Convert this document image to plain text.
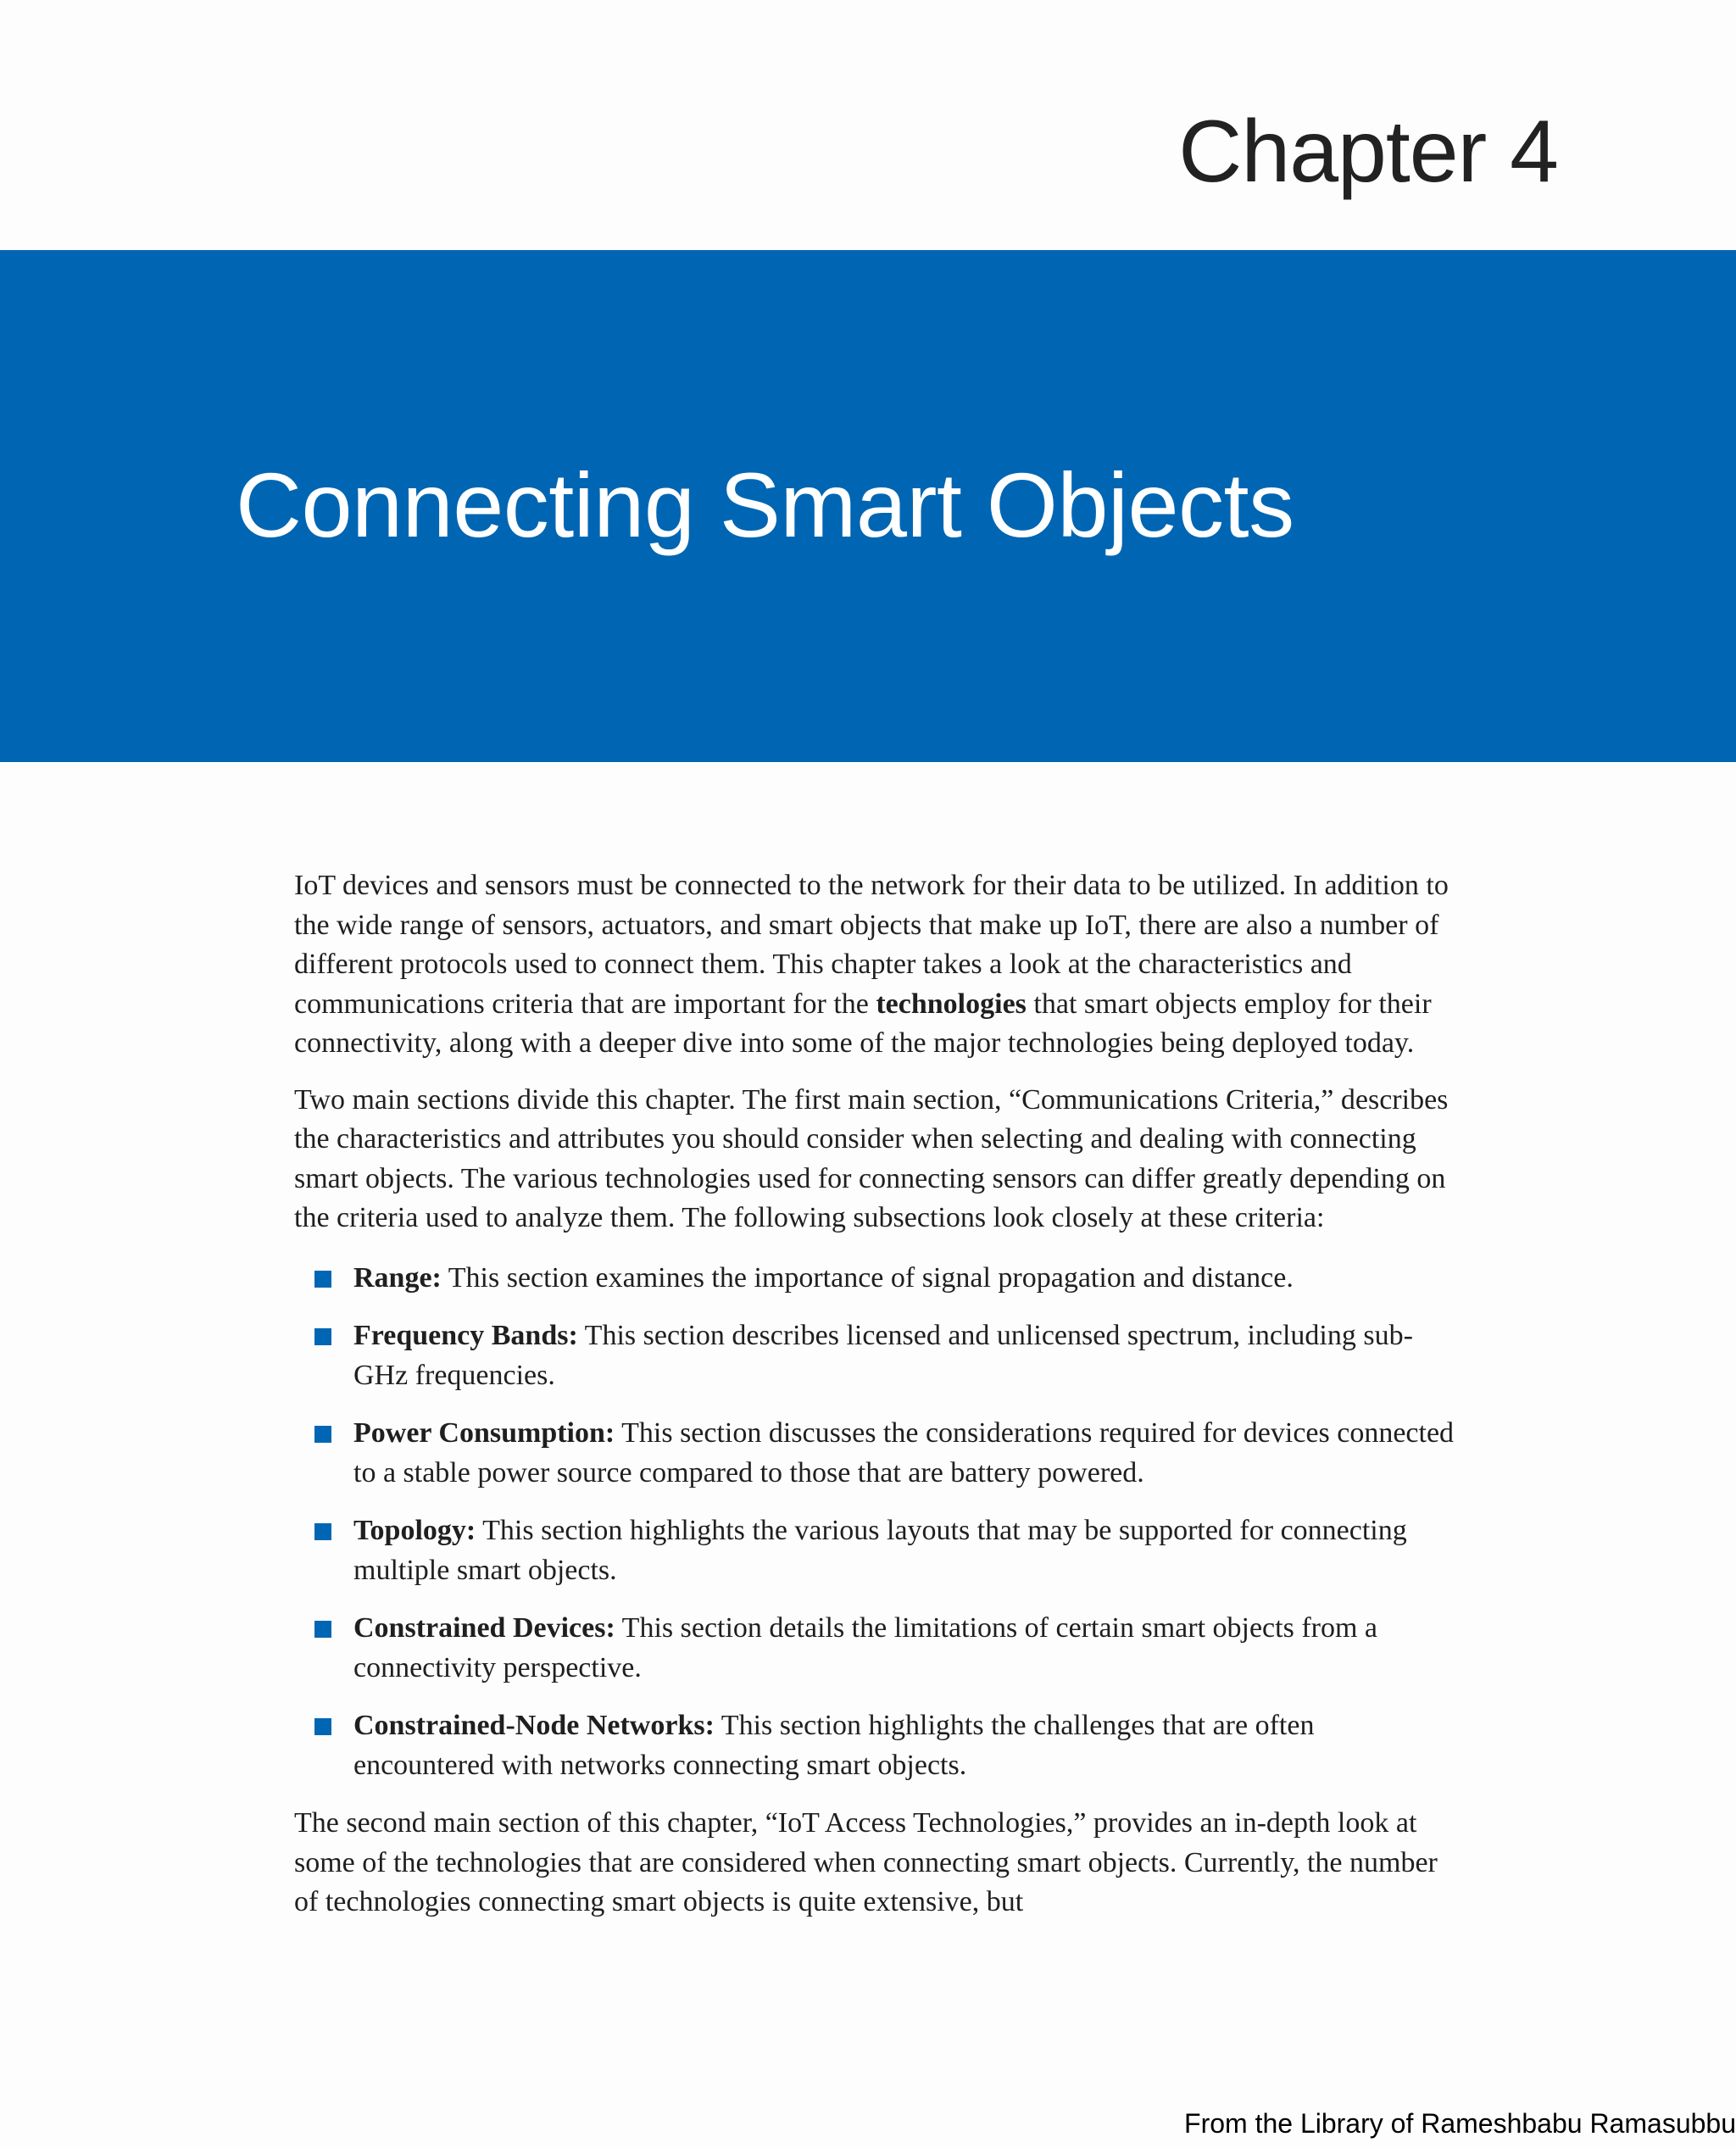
Chapter 4
Connecting Smart Objects

IoT devices and sensors must be connected to the network for their data to be utilized. In addition to the wide range of sensors, actuators, and smart objects that make up IoT, there are also a number of different protocols used to connect them. This chapter takes a look at the characteristics and communications criteria that are important for the technologies that smart objects employ for their connectivity, along with a deeper dive into some of the major technologies being deployed today.

Two main sections divide this chapter. The first main section, “Communications Criteria,” describes the characteristics and attributes you should consider when selecting and dealing with connecting smart objects. The various technologies used for connecting sensors can differ greatly depending on the criteria used to analyze them. The following subsections look closely at these criteria:

Range: This section examines the importance of signal propagation and distance.
Frequency Bands: This section describes licensed and unlicensed spectrum, including sub-GHz frequencies.
Power Consumption: This section discusses the considerations required for devices connected to a stable power source compared to those that are battery powered.
Topology: This section highlights the various layouts that may be supported for connecting multiple smart objects.
Constrained Devices: This section details the limitations of certain smart objects from a connectivity perspective.
Constrained-Node Networks: This section highlights the challenges that are often encountered with networks connecting smart objects.

The second main section of this chapter, “IoT Access Technologies,” provides an in-depth look at some of the technologies that are considered when connecting smart objects. Currently, the number of technologies connecting smart objects is quite extensive, but

From the Library of Rameshbabu Ramasubbu
